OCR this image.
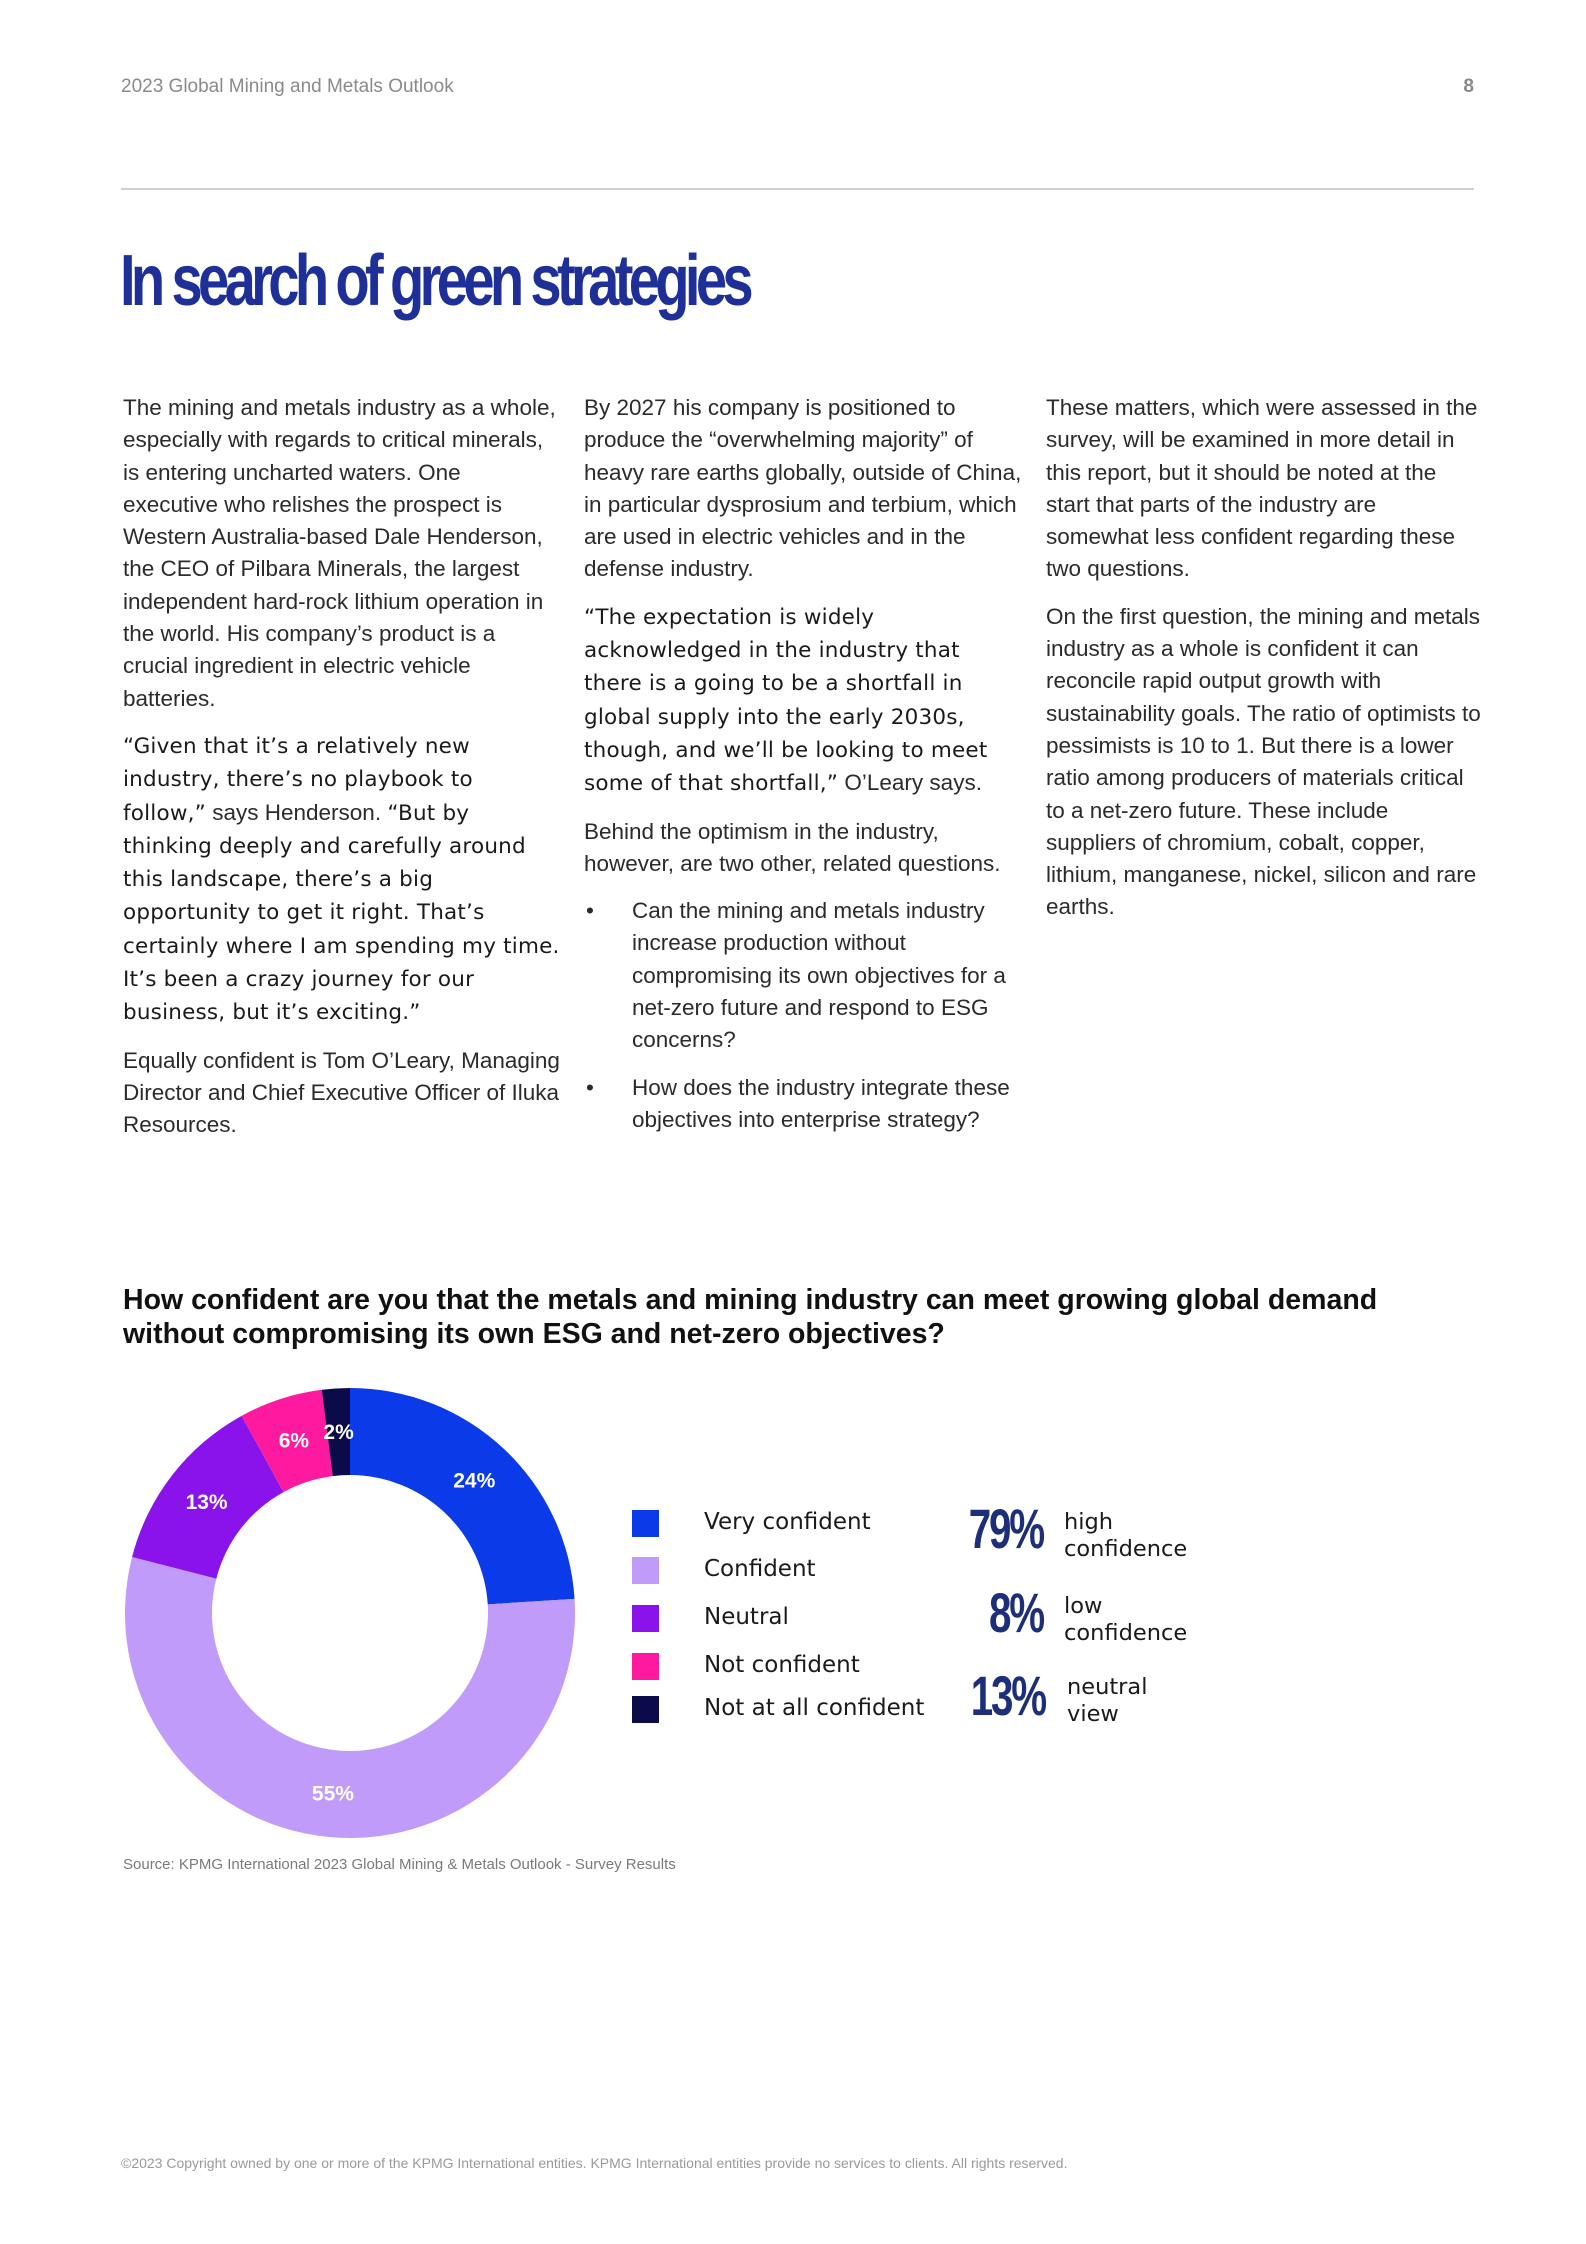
2023 Global Mining and Metals Outlook	8
In search of green strategies

The mining and metals industry as a whole, especially with regards to critical minerals, is entering uncharted waters. One executive who relishes the prospect is Western Australia-based Dale Henderson, the CEO of Pilbara Minerals, the largest independent hard-rock lithium operation in the world. His company’s product is a crucial ingredient in electric vehicle batteries.

“Given that it’s a relatively new industry, there’s no playbook to follow,” says Henderson. “But by thinking deeply and carefully around this landscape, there’s a big opportunity to get it right. That’s certainly where I am spending my time. It’s been a crazy journey for our business, but it’s exciting.”

Equally confident is Tom O’Leary, Managing Director and Chief Executive Officer of Iluka Resources.

By 2027 his company is positioned to produce the “overwhelming majority” of heavy rare earths globally, outside of China, in particular dysprosium and terbium, which are used in electric vehicles and in the defense industry.

“The expectation is widely acknowledged in the industry that there is a going to be a shortfall in global supply into the early 2030s, though, and we’ll be looking to meet some of that shortfall,” O’Leary says.

Behind the optimism in the industry, however, are two other, related questions.

• Can the mining and metals industry increase production without compromising its own objectives for a net-zero future and respond to ESG concerns?
• How does the industry integrate these objectives into enterprise strategy?

These matters, which were assessed in the survey, will be examined in more detail in this report, but it should be noted at the start that parts of the industry are somewhat less confident regarding these two questions.

On the first question, the mining and metals industry as a whole is confident it can reconcile rapid output growth with sustainability goals. The ratio of optimists to pessimists is 10 to 1. But there is a lower ratio among producers of materials critical to a net-zero future. These include suppliers of chromium, cobalt, copper, lithium, manganese, nickel, silicon and rare earths.

How confident are you that the metals and mining industry can meet growing global demand without compromising its own ESG and net-zero objectives?
24%
55%
13%
6% 2%
Very confident
Confident
Neutral
Not confident
Not at all confident
79% high
confidence
8% low
confidence
13% neutral
view
Source: KPMG International 2023 Global Mining & Metals Outlook - Survey Results
©2023 Copyright owned by one or more of the KPMG International entities. KPMG International entities provide no services to clients. All rights reserved.
